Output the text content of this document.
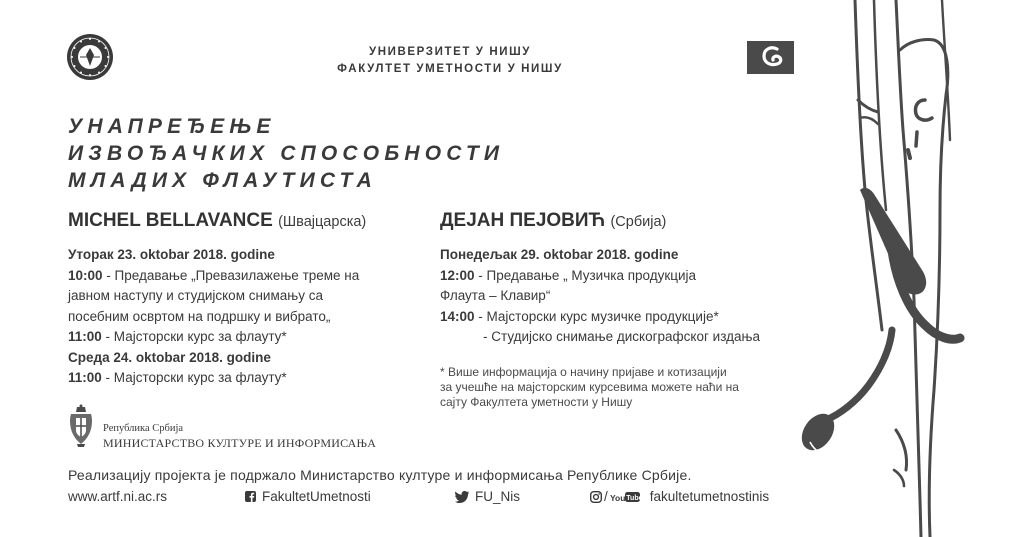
УНИВЕРЗИТЕТ У НИШУ
ФАКУЛТЕТ УМЕТНОСТИ У НИШУ
УНАПРЕЂЕЊЕ
ИЗВОЂАЧКИХ СПОСОБНОСТИ
МЛАДИХ ФЛАУТИСТА
MICHEL BELLAVANCE (Швајцарска)
Уторак 23. oktobar 2018. godine
10:00 - Предавање „Превазилажење треме на
јавном наступу и студијском снимању са
посебним освртом на подршку и вибрато„
11:00 - Мајсторски курс за флауту*
Среда 24. oktobar 2018. godine
11:00 - Мајсторски курс за флауту*
ДЕЈАН ПЕЈОВИЋ (Србија)
Понедељак 29. oktobar 2018. godine
12:00 - Предавање „ Музичка продукција
Флаута – Клавир“
14:00 - Мајсторски курс музичке продукције*
- Студијско снимање дискографског издања
* Више информација о начину пријаве и котизацији
за учешће на мајсторским курсевима можете наћи на
сајту Факултета уметности у Нишу
Република Србија
МИНИСТАРСТВО КУЛТУРЕ И ИНФОРМИСАЊА
Реализацију пројекта је подржало Министарство културе и информисања Републике Србије.
www.artf.ni.ac.rs	FakultetUmetnosti	FU_Nis	/ You Tube fakultetumetnostinis
